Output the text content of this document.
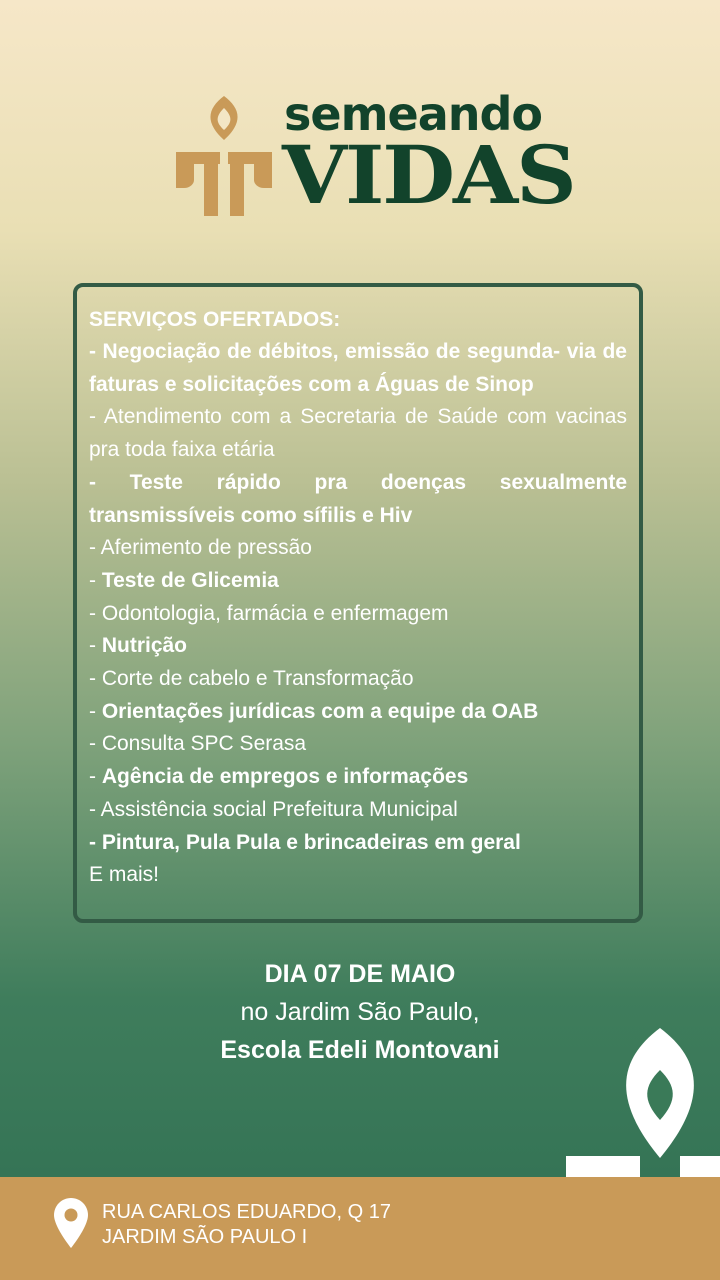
semeando
VIDAS

SERVIÇOS OFERTADOS:

- Negociação de débitos, emissão de segunda- via de faturas e solicitações com a Águas de Sinop

- Atendimento com a Secretaria de Saúde com vacinas pra toda faixa etária

- Teste rápido pra doenças sexualmente transmissíveis como sífilis e Hiv

- Aferimento de pressão

- Teste de Glicemia

- Odontologia, farmácia e enfermagem

- Nutrição

- Corte de cabelo e Transformação

- Orientações jurídicas com a equipe da OAB

- Consulta SPC Serasa

- Agência de empregos e informações

- Assistência social Prefeitura Municipal

- Pintura, Pula Pula e brincadeiras em geral

E mais!

DIA 07 DE MAIO
no Jardim São Paulo,
Escola Edeli Montovani
RUA CARLOS EDUARDO, Q 17
JARDIM SÃO PAULO I
